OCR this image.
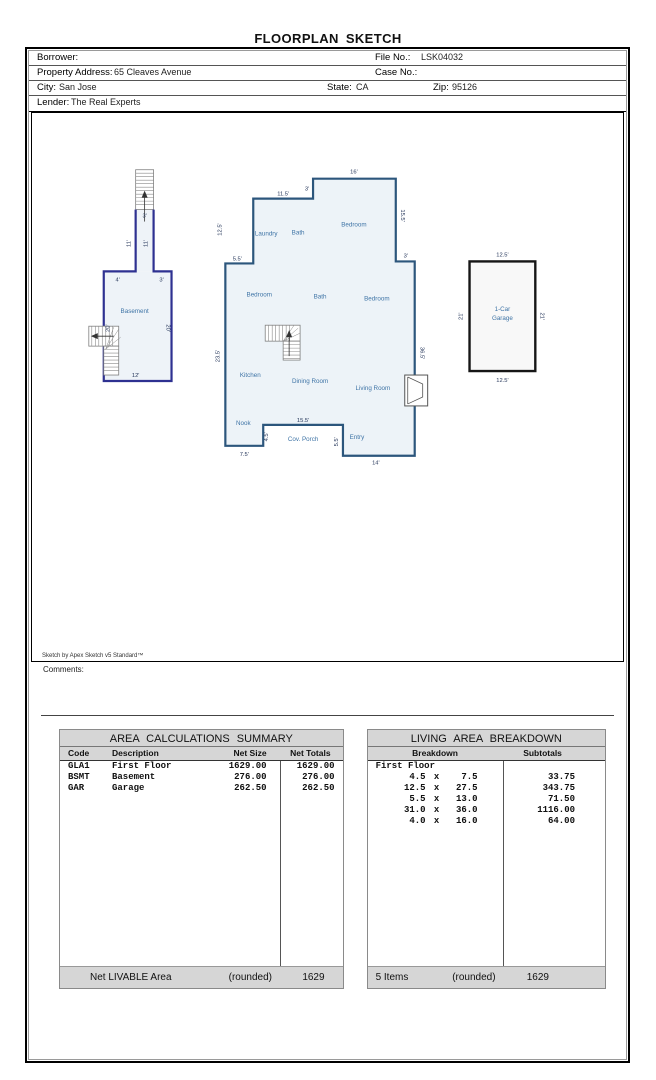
FLOORPLAN SKETCH
Borrower:	File No.: LSK04032
Property Address: 65 Cleaves Avenue	Case No.:
City: San Jose	State: CA	Zip: 95126
Lender: The Real Experts
3'
11' 11'
4'	3'
Basement
20'	20'
12'
Laundry Bath
Bedroom
Bedroom	Bath	Bedroom
Kitchen
Dining Room
Living Room
Nook
Entry
Cov. Porch
16'
3'
11.5'
12.5'
5.5'
15.5'
3'
23.5'	36.5'
15.5'
4.5'
5.5'
7.5'
14'
12.5'
12.5'
21'	21'
1-Car
Garage
Sketch by Apex Sketch v5 Standard™
Comments:
AREA CALCULATIONS SUMMARY
Code	Description	Net Size	Net Totals
GLA1 First Floor	1629.00	1629.00
BSMT Basement	276.00	276.00
GAR	Garage	262.50	262.50
Net LIVABLE Area	(rounded)	1629
LIVING AREA BREAKDOWN
Breakdown	Subtotals
First Floor
4.5 x	7.5	33.75
12.5 x	27.5	343.75
5.5 x	13.0	71.50
31.0 x	36.0	1116.00
4.0 x	16.0	64.00
5 Items	(rounded)	1629
